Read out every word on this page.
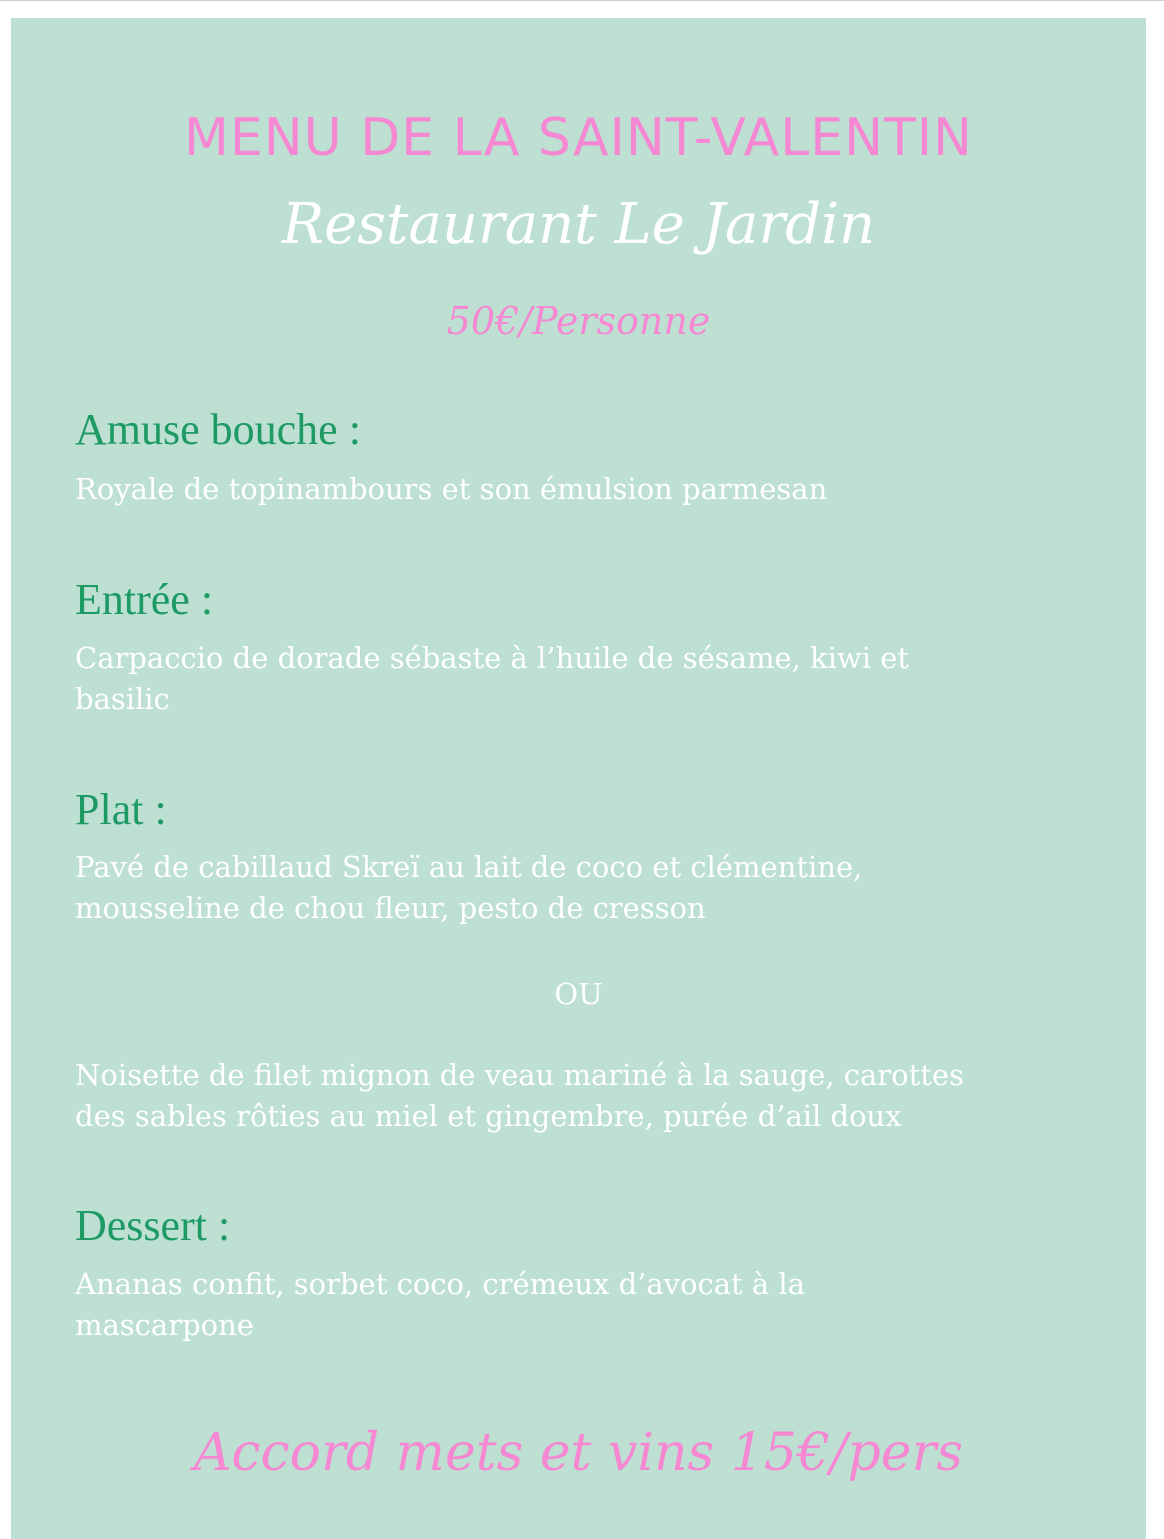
MENU DE LA SAINT-VALENTIN
Restaurant Le Jardin
50€/Personne
Amuse bouche :
Royale de topinambours et son émulsion parmesan
Entrée :
Carpaccio de dorade sébaste à l’huile de sésame, kiwi et
basilic
Plat :
Pavé de cabillaud Skreï au lait de coco et clémentine,
mousseline de chou fleur, pesto de cresson
OU
Noisette de filet mignon de veau mariné à la sauge, carottes
des sables rôties au miel et gingembre, purée d’ail doux
Dessert :
Ananas confit, sorbet coco, crémeux d’avocat à la
mascarpone
Accord mets et vins 15€/pers
